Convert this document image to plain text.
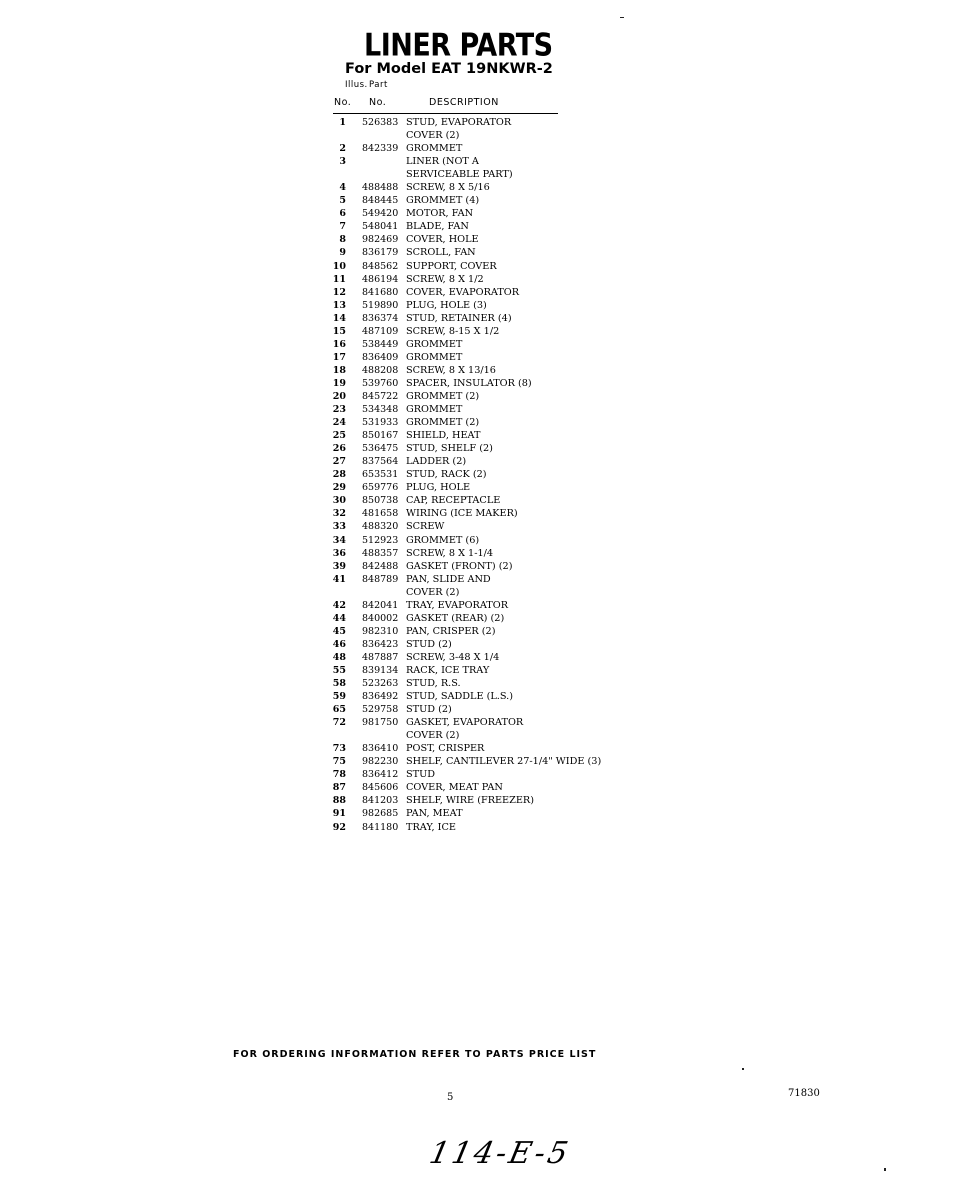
LINER PARTS
For Model EAT 19NKWR-2
Illus. Part
No. No.	DESCRIPTION
1	526383 STUD, EVAPORATOR
COVER (2)
2	842339 GROMMET
3	LINER (NOT A
SERVICEABLE PART)
4	488488 SCREW, 8 X 5/16
5	848445 GROMMET (4)
6	549420 MOTOR, FAN
7	548041 BLADE, FAN
8	982469 COVER, HOLE
9	836179 SCROLL, FAN
10	848562 SUPPORT, COVER
11	486194 SCREW, 8 X 1/2
12	841680 COVER, EVAPORATOR
13	519890 PLUG, HOLE (3)
14	836374 STUD, RETAINER (4)
15	487109 SCREW, 8-15 X 1/2
16	538449 GROMMET
17	836409 GROMMET
18	488208 SCREW, 8 X 13/16
19	539760 SPACER, INSULATOR (8)
20	845722 GROMMET (2)
23	534348 GROMMET
24	531933 GROMMET (2)
25	850167 SHIELD, HEAT
26	536475 STUD, SHELF (2)
27	837564 LADDER (2)
28	653531 STUD, RACK (2)
29	659776 PLUG, HOLE
30	850738 CAP, RECEPTACLE
32	481658 WIRING (ICE MAKER)
33	488320 SCREW
34	512923 GROMMET (6)
36	488357 SCREW, 8 X 1-1/4
39	842488 GASKET (FRONT) (2)
41	848789 PAN, SLIDE AND
COVER (2)
42	842041 TRAY, EVAPORATOR
44	840002 GASKET (REAR) (2)
45	982310 PAN, CRISPER (2)
46	836423 STUD (2)
48	487887 SCREW, 3-48 X 1/4
55	839134 RACK, ICE TRAY
58	523263 STUD, R.S.
59	836492 STUD, SADDLE (L.S.)
65	529758 STUD (2)
72	981750 GASKET, EVAPORATOR
COVER (2)
73	836410 POST, CRISPER
75	982230 SHELF, CANTILEVER 27-1/4" WIDE (3)
78	836412 STUD
87	845606 COVER, MEAT PAN
88	841203 SHELF, WIRE (FREEZER)
91	982685 PAN, MEAT
92	841180 TRAY, ICE
FOR ORDERING INFORMATION REFER TO PARTS PRICE LIST
5	71830
114-E-5
